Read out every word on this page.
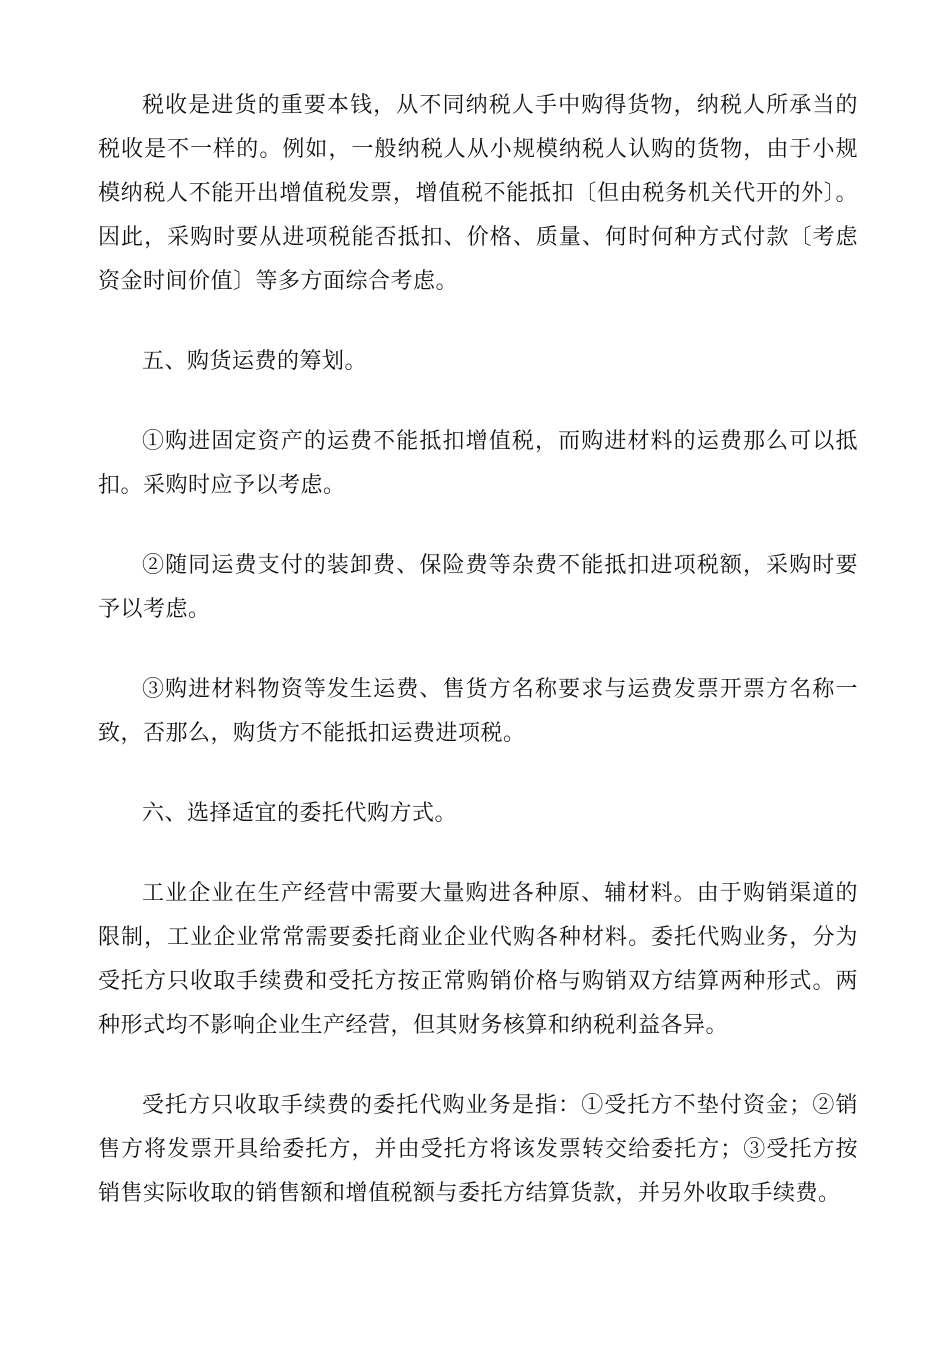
税收是进货的重要本钱，从不同纳税人手中购得货物，纳税人所承当的税收是不一样的。例如，一般纳税人从小规模纳税人认购的货物，由于小规模纳税人不能开出增值税发票，增值税不能抵扣〔但由税务机关代开的外〕。因此，采购时要从进项税能否抵扣、价格、质量、何时何种方式付款〔考虑资金时间价值〕等多方面综合考虑。

五、购货运费的筹划。

①购进固定资产的运费不能抵扣增值税，而购进材料的运费那么可以抵扣。采购时应予以考虑。

②随同运费支付的装卸费、保险费等杂费不能抵扣进项税额，采购时要予以考虑。

③购进材料物资等发生运费、售货方名称要求与运费发票开票方名称一致，否那么，购货方不能抵扣运费进项税。

六、选择适宜的委托代购方式。

工业企业在生产经营中需要大量购进各种原、辅材料。由于购销渠道的限制，工业企业常常需要委托商业企业代购各种材料。委托代购业务，分为受托方只收取手续费和受托方按正常购销价格与购销双方结算两种形式。两种形式均不影响企业生产经营，但其财务核算和纳税利益各异。

受托方只收取手续费的委托代购业务是指：①受托方不垫付资金；②销售方将发票开具给委托方，并由受托方将该发票转交给委托方；③受托方按销售实际收取的销售额和增值税额与委托方结算货款，并另外收取手续费。
